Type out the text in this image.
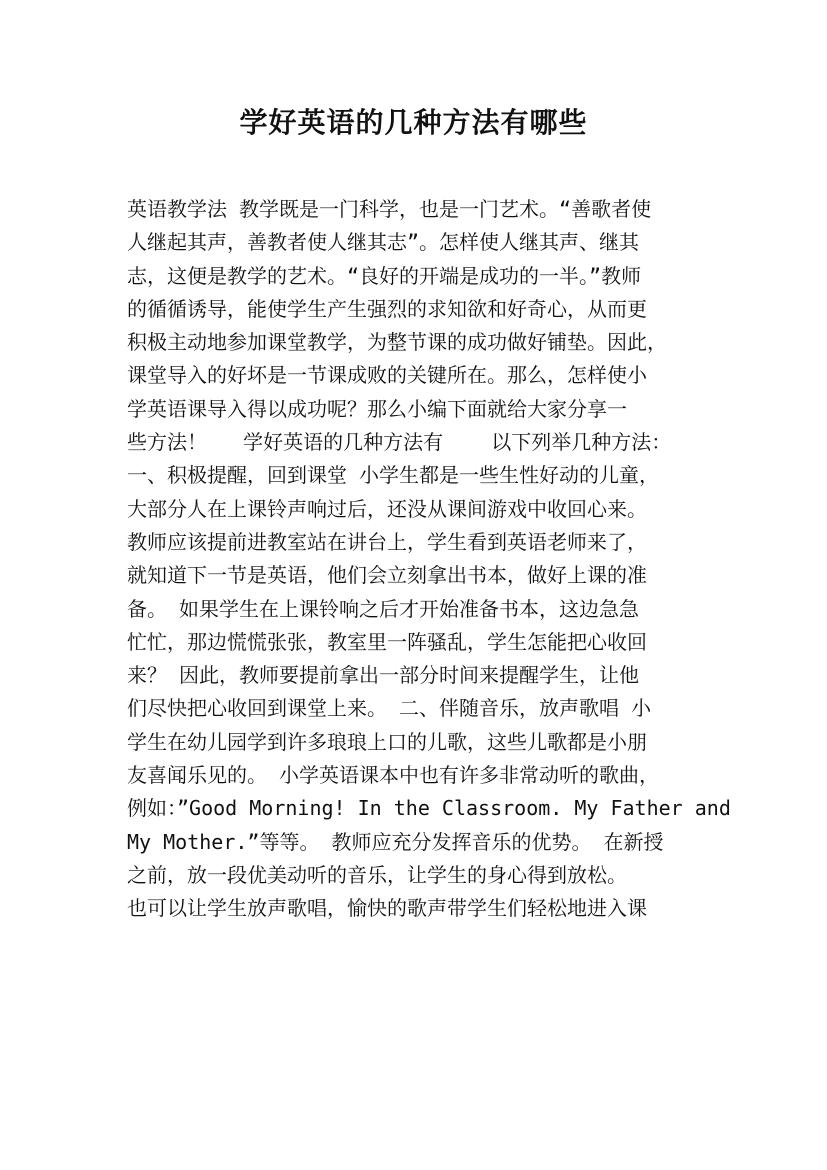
学好英语的几种方法有哪些
英语教学法 教学既是一门科学，也是一门艺术。“善歌者使
人继起其声，善教者使人继其志”。怎样使人继其声、继其
志，这便是教学的艺术。“良好的开端是成功的一半。”教师
的循循诱导，能使学生产生强烈的求知欲和好奇心，从而更
积极主动地参加课堂教学，为整节课的成功做好铺垫。因此，
课堂导入的好坏是一节课成败的关键所在。那么，怎样使小
学英语课导入得以成功呢？那么小编下面就给大家分享一
些方法！   学好英语的几种方法有    以下列举几种方法：
一、积极提醒，回到课堂 小学生都是一些生性好动的儿童，
大部分人在上课铃声响过后，还没从课间游戏中收回心来。
教师应该提前进教室站在讲台上，学生看到英语老师来了，
就知道下一节是英语，他们会立刻拿出书本，做好上课的准
备。 如果学生在上课铃响之后才开始准备书本，这边急急
忙忙，那边慌慌张张，教室里一阵骚乱，学生怎能把心收回
来？ 因此，教师要提前拿出一部分时间来提醒学生，让他
们尽快把心收回到课堂上来。 二、伴随音乐，放声歌唱 小
学生在幼儿园学到许多琅琅上口的儿歌，这些儿歌都是小朋
友喜闻乐见的。 小学英语课本中也有许多非常动听的歌曲，
例如：”Good Morning! In the Classroom. My Father and
My Mother.”等等。 教师应充分发挥音乐的优势。 在新授
之前，放一段优美动听的音乐，让学生的身心得到放松。
也可以让学生放声歌唱，愉快的歌声带学生们轻松地进入课
